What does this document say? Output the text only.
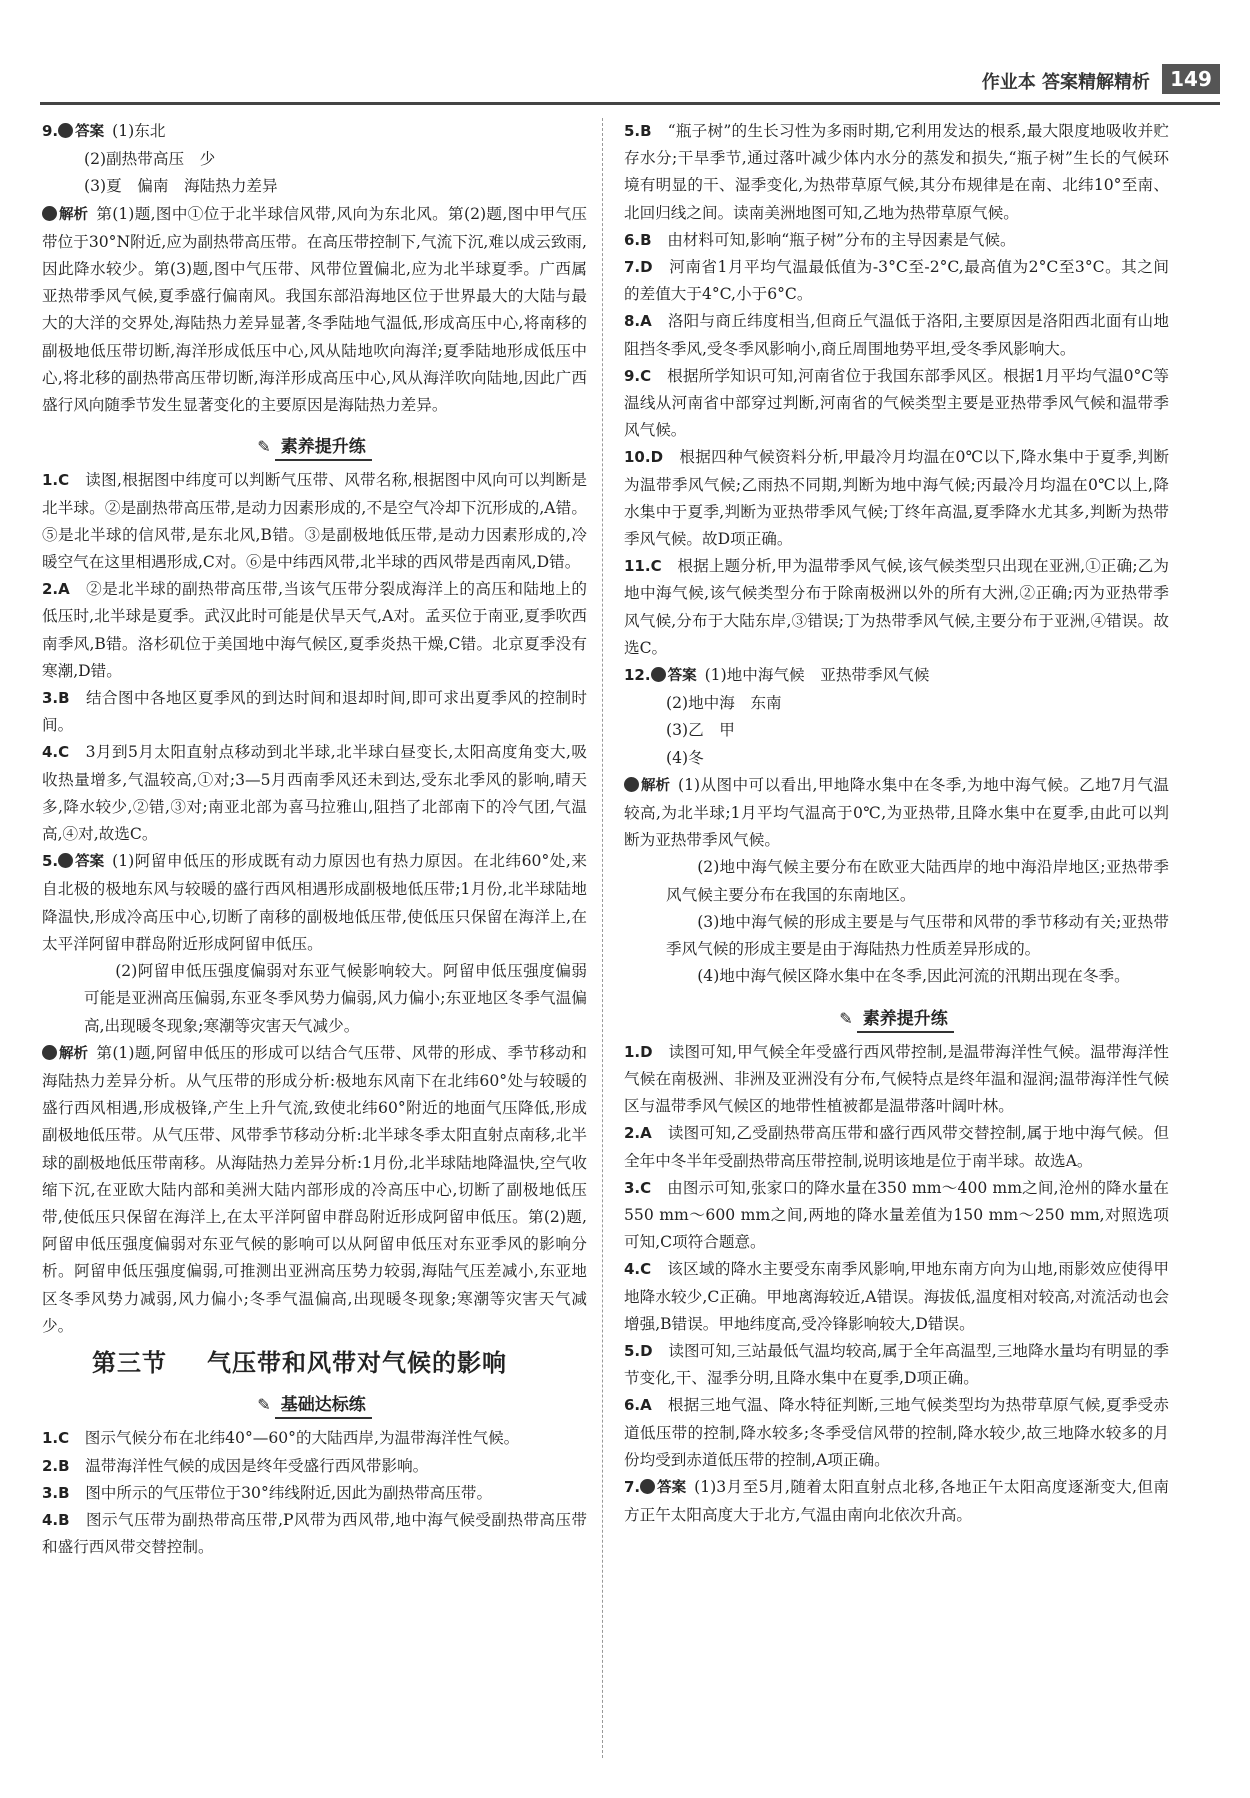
作业本 答案精解精析	149

9. 答案 (1)东北

(2)副热带高压　少

(3)夏　偏南　海陆热力差异

解析 第(1)题,图中①位于北半球信风带,风向为东北风。第(2)题,图中甲气压带位于30°N附近,应为副热带高压带。在高压带控制下,气流下沉,难以成云致雨,因此降水较少。第(3)题,图中气压带、风带位置偏北,应为北半球夏季。广西属亚热带季风气候,夏季盛行偏南风。我国东部沿海地区位于世界最大的大陆与最大的大洋的交界处,海陆热力差异显著,冬季陆地气温低,形成高压中心,将南移的副极地低压带切断,海洋形成低压中心,风从陆地吹向海洋;夏季陆地形成低压中心,将北移的副热带高压带切断,海洋形成高压中心,风从海洋吹向陆地,因此广西盛行风向随季节发生显著变化的主要原因是海陆热力差异。

✎ 素养提升练

1.C　 读图,根据图中纬度可以判断气压带、风带名称,根据图中风向可以判断是北半球。②是副热带高压带,是动力因素形成的,不是空气冷却下沉形成的,A错。⑤是北半球的信风带,是东北风,B错。③是副极地低压带,是动力因素形成的,冷暖空气在这里相遇形成,C对。⑥是中纬西风带,北半球的西风带是西南风,D错。

2.A　 ②是北半球的副热带高压带,当该气压带分裂成海洋上的高压和陆地上的低压时,北半球是夏季。武汉此时可能是伏旱天气,A对。孟买位于南亚,夏季吹西南季风,B错。洛杉矶位于美国地中海气候区,夏季炎热干燥,C错。北京夏季没有寒潮,D错。

3.B　 结合图中各地区夏季风的到达时间和退却时间,即可求出夏季风的控制时间。

4.C　 3月到5月太阳直射点移动到北半球,北半球白昼变长,太阳高度角变大,吸收热量增多,气温较高,①对;3—5月西南季风还未到达,受东北季风的影响,晴天多,降水较少,②错,③对;南亚北部为喜马拉雅山,阻挡了北部南下的冷气团,气温高,④对,故选C。

5. 答案 (1)阿留申低压的形成既有动力原因也有热力原因。在北纬60°处,来自北极的极地东风与较暖的盛行西风相遇形成副极地低压带;1月份,北半球陆地降温快,形成冷高压中心,切断了南移的副极地低压带,使低压只保留在海洋上,在太平洋阿留申群岛附近形成阿留申低压。

(2)阿留申低压强度偏弱对东亚气候影响较大。阿留申低压强度偏弱可能是亚洲高压偏弱,东亚冬季风势力偏弱,风力偏小;东亚地区冬季气温偏高,出现暖冬现象;寒潮等灾害天气减少。

解析 第(1)题,阿留申低压的形成可以结合气压带、风带的形成、季节移动和海陆热力差异分析。从气压带的形成分析:极地东风南下在北纬60°处与较暖的盛行西风相遇,形成极锋,产生上升气流,致使北纬60°附近的地面气压降低,形成副极地低压带。从气压带、风带季节移动分析:北半球冬季太阳直射点南移,北半球的副极地低压带南移。从海陆热力差异分析:1月份,北半球陆地降温快,空气收缩下沉,在亚欧大陆内部和美洲大陆内部形成的冷高压中心,切断了副极地低压带,使低压只保留在海洋上,在太平洋阿留申群岛附近形成阿留申低压。第(2)题,阿留申低压强度偏弱对东亚气候的影响可以从阿留申低压对东亚季风的影响分析。阿留申低压强度偏弱,可推测出亚洲高压势力较弱,海陆气压差减小,东亚地区冬季风势力减弱,风力偏小;冬季气温偏高,出现暖冬现象;寒潮等灾害天气减少。

第三节 气压带和风带对气候的影响
✎ 基础达标练

1.C　 图示气候分布在北纬40°—60°的大陆西岸,为温带海洋性气候。

2.B　 温带海洋性气候的成因是终年受盛行西风带影响。

3.B　 图中所示的气压带位于30°纬线附近,因此为副热带高压带。

4.B　 图示气压带为副热带高压带,P风带为西风带,地中海气候受副热带高压带和盛行西风带交替控制。

5.B　 “瓶子树”的生长习性为多雨时期,它利用发达的根系,最大限度地吸收并贮存水分;干旱季节,通过落叶减少体内水分的蒸发和损失,“瓶子树”生长的气候环境有明显的干、湿季变化,为热带草原气候,其分布规律是在南、北纬10°至南、北回归线之间。读南美洲地图可知,乙地为热带草原气候。

6.B　 由材料可知,影响“瓶子树”分布的主导因素是气候。

7.D　 河南省1月平均气温最低值为-3°C至-2°C,最高值为2°C至3°C。其之间的差值大于4°C,小于6°C。

8.A　 洛阳与商丘纬度相当,但商丘气温低于洛阳,主要原因是洛阳西北面有山地阻挡冬季风,受冬季风影响小,商丘周围地势平坦,受冬季风影响大。

9.C　 根据所学知识可知,河南省位于我国东部季风区。根据1月平均气温0°C等温线从河南省中部穿过判断,河南省的气候类型主要是亚热带季风气候和温带季风气候。

10.D　 根据四种气候资料分析,甲最冷月均温在0℃以下,降水集中于夏季,判断为温带季风气候;乙雨热不同期,判断为地中海气候;丙最冷月均温在0℃以上,降水集中于夏季,判断为亚热带季风气候;丁终年高温,夏季降水尤其多,判断为热带季风气候。故D项正确。

11.C　 根据上题分析,甲为温带季风气候,该气候类型只出现在亚洲,①正确;乙为地中海气候,该气候类型分布于除南极洲以外的所有大洲,②正确;丙为亚热带季风气候,分布于大陆东岸,③错误;丁为热带季风气候,主要分布于亚洲,④错误。故选C。

12. 答案 (1)地中海气候　亚热带季风气候

(2)地中海　东南

(3)乙　甲

(4)冬

解析 (1)从图中可以看出,甲地降水集中在冬季,为地中海气候。乙地7月气温较高,为北半球;1月平均气温高于0℃,为亚热带,且降水集中在夏季,由此可以判断为亚热带季风气候。

(2)地中海气候主要分布在欧亚大陆西岸的地中海沿岸地区;亚热带季风气候主要分布在我国的东南地区。

(3)地中海气候的形成主要是与气压带和风带的季节移动有关;亚热带季风气候的形成主要是由于海陆热力性质差异形成的。

(4)地中海气候区降水集中在冬季,因此河流的汛期出现在冬季。

✎ 素养提升练

1.D　 读图可知,甲气候全年受盛行西风带控制,是温带海洋性气候。温带海洋性气候在南极洲、非洲及亚洲没有分布,气候特点是终年温和湿润;温带海洋性气候区与温带季风气候区的地带性植被都是温带落叶阔叶林。

2.A　 读图可知,乙受副热带高压带和盛行西风带交替控制,属于地中海气候。但全年中冬半年受副热带高压带控制,说明该地是位于南半球。故选A。

3.C　 由图示可知,张家口的降水量在350 mm～400 mm之间,沧州的降水量在550 mm～600 mm之间,两地的降水量差值为150 mm～250 mm,对照选项可知,C项符合题意。

4.C　 该区域的降水主要受东南季风影响,甲地东南方向为山地,雨影效应使得甲地降水较少,C正确。甲地离海较近,A错误。海拔低,温度相对较高,对流活动也会增强,B错误。甲地纬度高,受冷锋影响较大,D错误。

5.D　 读图可知,三站最低气温均较高,属于全年高温型,三地降水量均有明显的季节变化,干、湿季分明,且降水集中在夏季,D项正确。

6.A　 根据三地气温、降水特征判断,三地气候类型均为热带草原气候,夏季受赤道低压带的控制,降水较多;冬季受信风带的控制,降水较少,故三地降水较多的月份均受到赤道低压带的控制,A项正确。

7. 答案 (1)3月至5月,随着太阳直射点北移,各地正午太阳高度逐渐变大,但南方正午太阳高度大于北方,气温由南向北依次升高。
